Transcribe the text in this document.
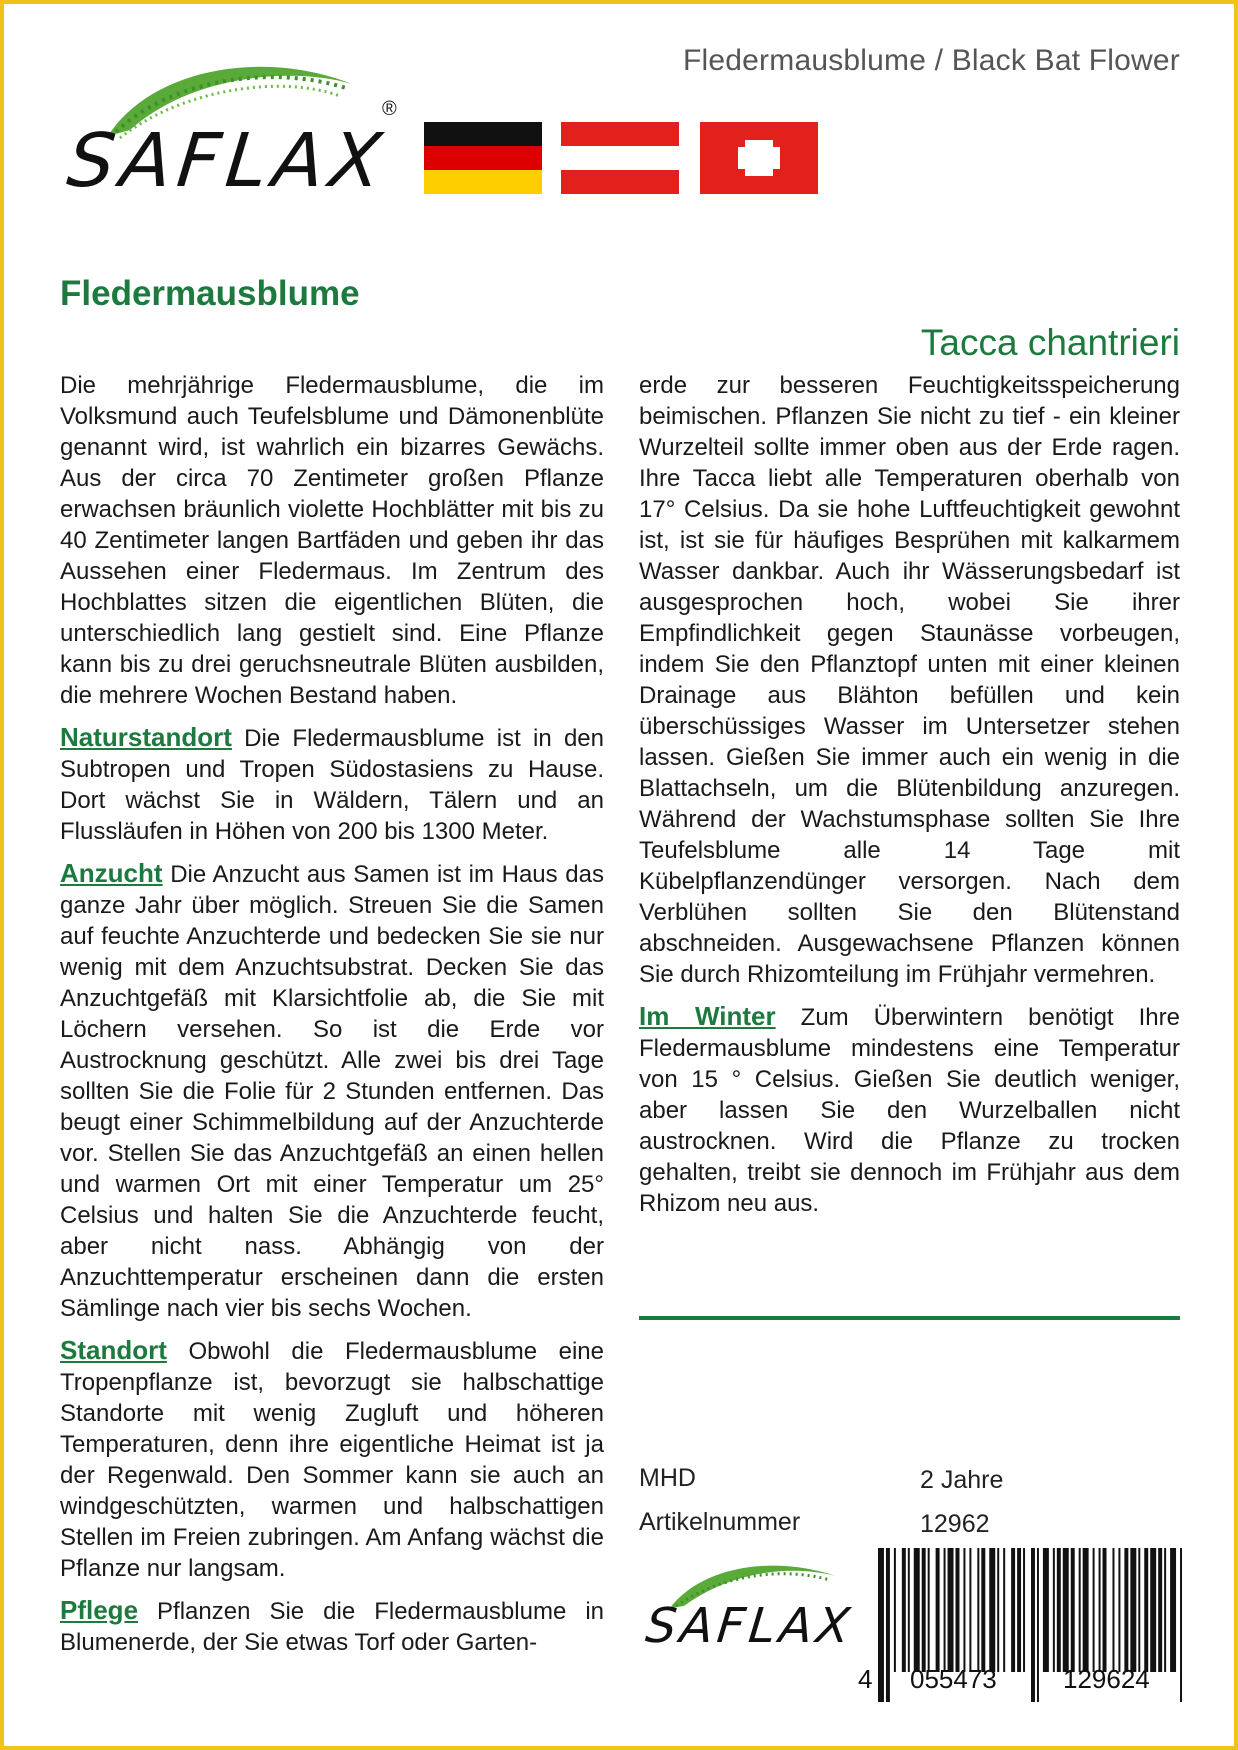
Fledermausblume / Black Bat Flower
SAFLAX
®
Fledermausblume
Tacca chantrieri

Die mehrjährige Fledermausblume, die im Volksmund auch Teufelsblume und Dämonenblüte genannt wird, ist wahrlich ein bizarres Gewächs. Aus der circa 70 Zentimeter großen Pflanze erwachsen bräunlich violette Hochblätter mit bis zu 40 Zentimeter langen Bartfäden und geben ihr das Aussehen einer Fledermaus. Im Zentrum des Hochblattes sitzen die eigentlichen Blüten, die unterschiedlich lang gestielt sind. Eine Pflanze kann bis zu drei geruchsneutrale Blüten ausbilden, die mehrere Wochen Bestand haben.

Naturstandort Die Fledermausblume ist in den Subtropen und Tropen Südostasiens zu Hause. Dort wächst Sie in Wäldern, Tälern und an Flussläufen in Höhen von 200 bis 1300 Meter.

Anzucht Die Anzucht aus Samen ist im Haus das ganze Jahr über möglich. Streuen Sie die Samen auf feuchte Anzuchterde und bedecken Sie sie nur wenig mit dem Anzuchtsubstrat. Decken Sie das Anzuchtgefäß mit Klarsichtfolie ab, die Sie mit Löchern versehen. So ist die Erde vor Austrocknung geschützt. Alle zwei bis drei Tage sollten Sie die Folie für 2 Stunden entfernen. Das beugt einer Schimmelbildung auf der Anzuchterde vor. Stellen Sie das Anzuchtgefäß an einen hellen und warmen Ort mit einer Temperatur um 25° Celsius und halten Sie die Anzuchterde feucht, aber nicht nass. Abhängig von der Anzuchttemperatur erscheinen dann die ersten Sämlinge nach vier bis sechs Wochen.

Standort Obwohl die Fledermausblume eine Tropenpflanze ist, bevorzugt sie halbschattige Standorte mit wenig Zugluft und höheren Temperaturen, denn ihre eigentliche Heimat ist ja der Regenwald. Den Sommer kann sie auch an windgeschützten, warmen und halbschattigen Stellen im Freien zubringen. Am Anfang wächst die Pflanze nur langsam.

Pflege Pflanzen Sie die Fledermausblume in Blumenerde, der Sie etwas Torf oder Garten-

erde zur besseren Feuchtigkeitsspeicherung beimischen. Pflanzen Sie nicht zu tief - ein kleiner Wurzelteil sollte immer oben aus der Erde ragen. Ihre Tacca liebt alle Temperaturen oberhalb von 17° Celsius. Da sie hohe Luftfeuchtigkeit gewohnt ist, ist sie für häufiges Besprühen mit kalkarmem Wasser dankbar. Auch ihr Wässerungsbedarf ist ausgesprochen hoch, wobei Sie ihrer Empfindlichkeit gegen Staunässe vorbeugen, indem Sie den Pflanztopf unten mit einer kleinen Drainage aus Blähton befüllen und kein überschüssiges Wasser im Untersetzer stehen lassen. Gießen Sie immer auch ein wenig in die Blattachseln, um die Blütenbildung anzuregen. Während der Wachstumsphase sollten Sie Ihre Teufelsblume alle 14 Tage mit Kübelpflanzendünger versorgen. Nach dem Verblühen sollten Sie den Blütenstand abschneiden. Ausgewachsene Pflanzen können Sie durch Rhizomteilung im Frühjahr vermehren.

Im Winter Zum Überwintern benötigt Ihre Fledermausblume mindestens eine Temperatur von 15 ° Celsius. Gießen Sie deutlich weniger, aber lassen Sie den Wurzelballen nicht austrocknen. Wird die Pflanze zu trocken gehalten, treibt sie dennoch im Frühjahr aus dem Rhizom neu aus.

MHD	2 Jahre
Artikelnummer	12962
SAFLAX
4 055473	129624
